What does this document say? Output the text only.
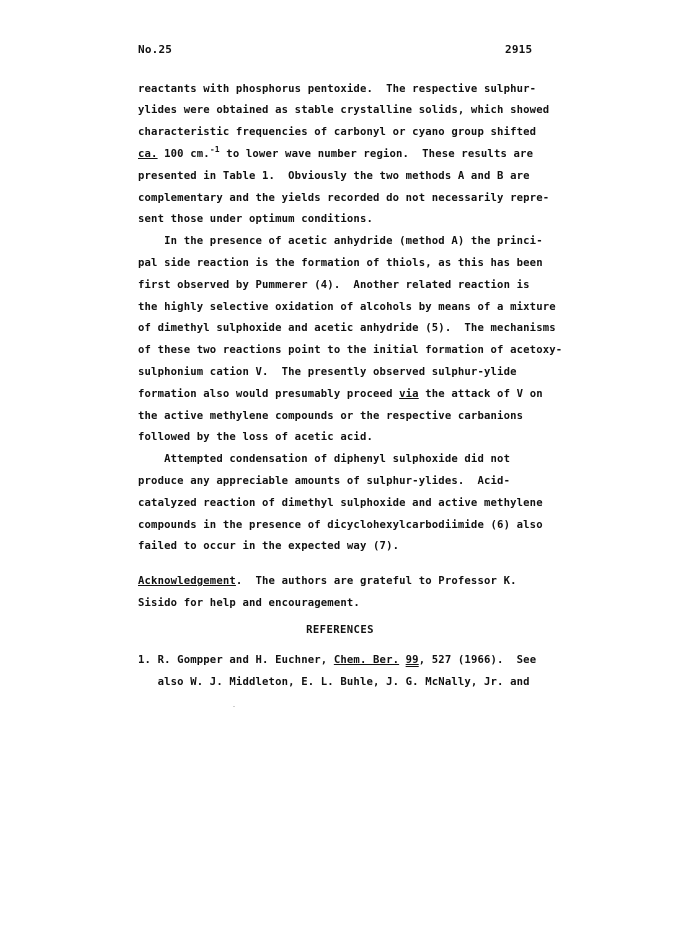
No.25	2915
reactants with phosphorus pentoxide.  The respective sulphur-
ylides were obtained as stable crystalline solids, which showed
characteristic frequencies of carbonyl or cyano group shifted
ca. 100 cm.$^{-1}$ to lower wave number region.  These results are
presented in Table 1.  Obviously the two methods A and B are
complementary and the yields recorded do not necessarily repre-
sent those under optimum conditions.
In the presence of acetic anhydride (method A) the princi-
pal side reaction is the formation of thiols, as this has been
first observed by Pummerer (4).  Another related reaction is
the highly selective oxidation of alcohols by means of a mixture
of dimethyl sulphoxide and acetic anhydride (5).  The mechanisms
of these two reactions point to the initial formation of acetoxy-
sulphonium cation V.  The presently observed sulphur-ylide
formation also would presumably proceed via the attack of V on
the active methylene compounds or the respective carbanions
followed by the loss of acetic acid.
Attempted condensation of diphenyl sulphoxide did not
produce any appreciable amounts of sulphur-ylides.  Acid-
catalyzed reaction of dimethyl sulphoxide and active methylene
compounds in the presence of dicyclohexylcarbodiimide (6) also
failed to occur in the expected way (7).
Acknowledgement.  The authors are grateful to Professor K.
Sisido for help and encouragement.
REFERENCES
1. R. Gompper and H. Euchner, Chem. Ber. 99, 527 (1966).  See
also W. J. Middleton, E. L. Buhle, J. G. McNally, Jr. and
